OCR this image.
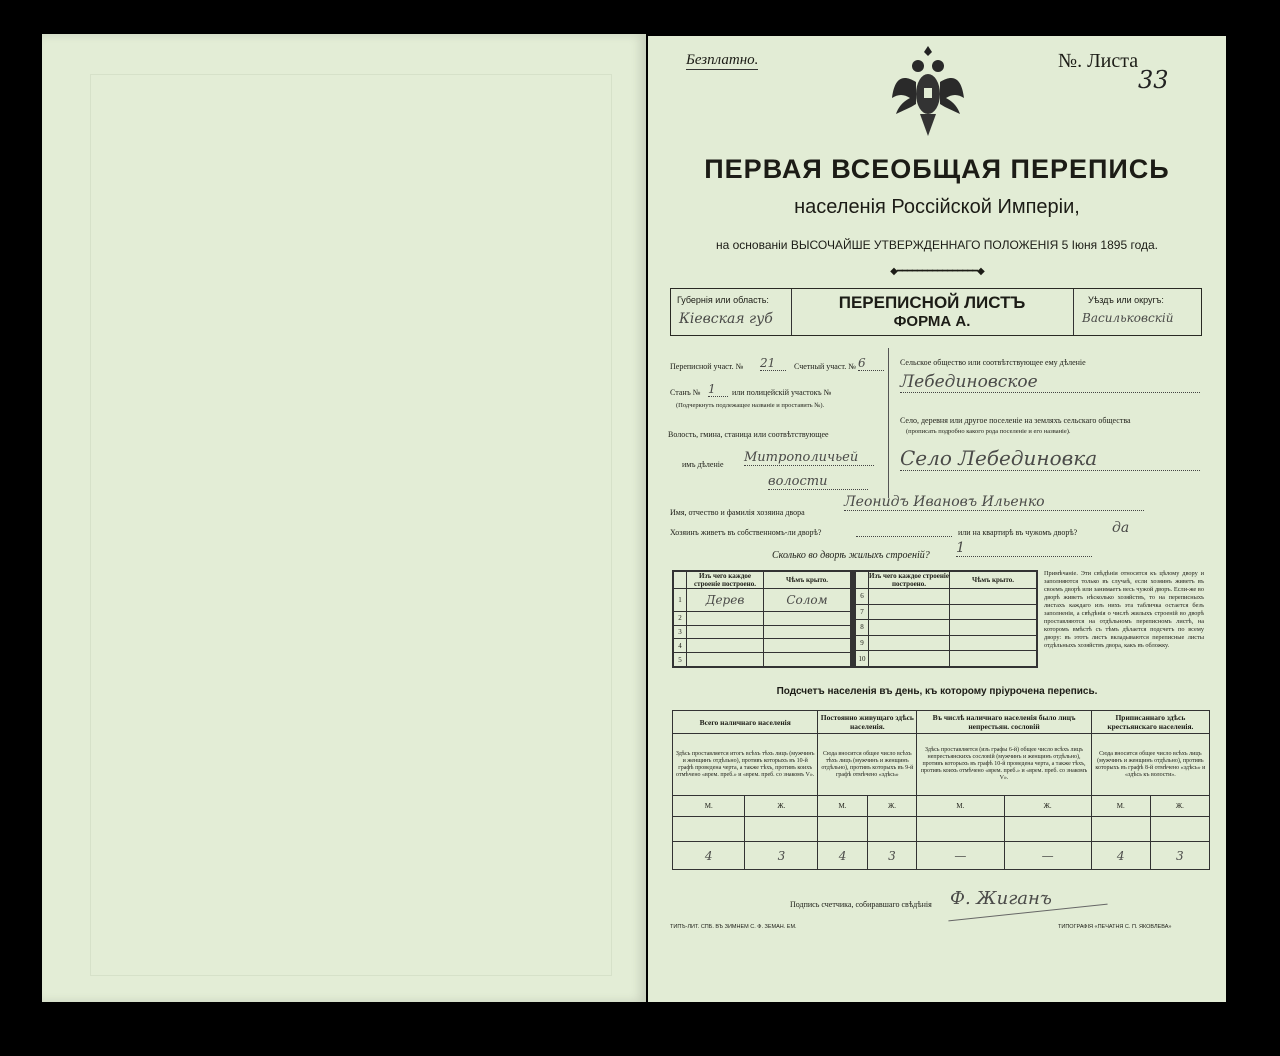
Безплатно.	№. Листа
33
ПЕРВАЯ ВСЕОБЩАЯ ПЕРЕПИСЬ
населенія Россійской Имперіи,
на основаніи ВЫСОЧАЙШЕ УТВЕРЖДЕННАГО ПОЛОЖЕНІЯ 5 Іюня 1895 года.
◆━━━━━━━━━━━━━━━━◆
Губернія или область:
Кіевская губ
ПЕРЕПИСНОЙ ЛИСТЪ
ФОРМА А.
Уѣздъ или округъ:
Васильковскій
Переписной участ. № 21	Счетный участ. № 6
Станъ № 1	или полицейскій участокъ №
(Подчеркнуть подлежащее названіе и проставить №).
Волость, гмина, станица или соотвѣтствующее
имъ дѣленіе Митрополичьей
волости
Сельское общество или соотвѣтствующее ему дѣленіе
Лебединовское
Село, деревня или другое поселеніе на земляхъ сельскаго общества
(прописать подробно какого рода поселеніе и его названіе).
Село Лебединовка
Имя, отчество и фамилія хозяина двора
Леонидъ Ивановъ Ильенко
Хозяинъ живетъ въ собственномъ-ли дворѣ?	или на квартирѣ въ чужомъ дворѣ? да
Сколько во дворѣ жилыхъ строеній? 1
	Изъ чего каждое строеніе построено.	Чѣмъ крыто.
1	Дерев	Солом
2		
3		
4		
5		
	Изъ чего каждое строеніе построено.	Чѣмъ крыто.
6		
7		
8		
9		
10		
Примѣчаніе. Эти свѣдѣнія относятся къ цѣлому двору и заполняются только въ случаѣ, если хозяинъ живетъ въ своемъ дворѣ или занимаетъ весь чужой дворъ. Если-же во дворѣ живетъ нѣсколько хозяйствъ, то на переписныхъ листахъ каждаго изъ нихъ эта табличка остается безъ заполненія, а свѣдѣнія о числѣ жилыхъ строеній во дворѣ проставляются на отдѣльномъ переписномъ листѣ, на которомъ вмѣстѣ съ тѣмъ дѣлается подсчетъ по всему двору: въ этотъ листъ вкладываются переписные листы отдѣльныхъ хозяйствъ двора, какъ въ обложку.
Подсчетъ населенія въ день, къ которому пріурочена перепись.
Всего наличнаго населенія		Постоянно живущаго здѣсь населенія.		Въ числѣ наличнаго населенія было лицъ непрестьян. сословій		Приписаннаго здѣсь крестьянскаго населенія.	
Здѣсь проставляется итогъ всѣхъ тѣхъ лицъ (мужчинъ и женщинъ отдѣльно), противъ которыхъ въ 10-й графѣ проведена черта, а также тѣхъ, противъ коихъ отмѣчено «врем. преб.» и «врем. преб. со знакомъ V».		Сюда вносится общее число всѣхъ тѣхъ лицъ (мужчинъ и женщинъ отдѣльно), противъ которыхъ въ 9-й графѣ отмѣчено «здѣсь»		Здѣсь проставляется (изъ графы 6-й) общее число всѣхъ лицъ непрестьянскихъ сословій (мужчинъ и женщинъ отдѣльно), противъ которыхъ въ графѣ 10-й проведена черта, а также тѣхъ, противъ коихъ отмѣчено «врем. преб.» и «врем. преб. со знакомъ V».		Сюда вносится общее число всѣхъ лицъ (мужчинъ и женщинъ отдѣльно), противъ которыхъ въ графѣ 8-й отмѣчено «здѣсь» и «здѣсь къ волости».	
М.	Ж.	М.	Ж.	М.	Ж.	М.	Ж.

4	3	4	3	—	—	4	3
Подпись счетчика, собиравшаго свѣдѣнія Ф. Жиганъ
ТИПЪ-ЛИТ. СПБ. ВЪ ЗИМНЕМ С. Ф. ЗЕМАН. ЕМ.	ТИПОГРАФІЯ «ПЕЧАТНЯ С. П. ЯКОВЛЕВА»
